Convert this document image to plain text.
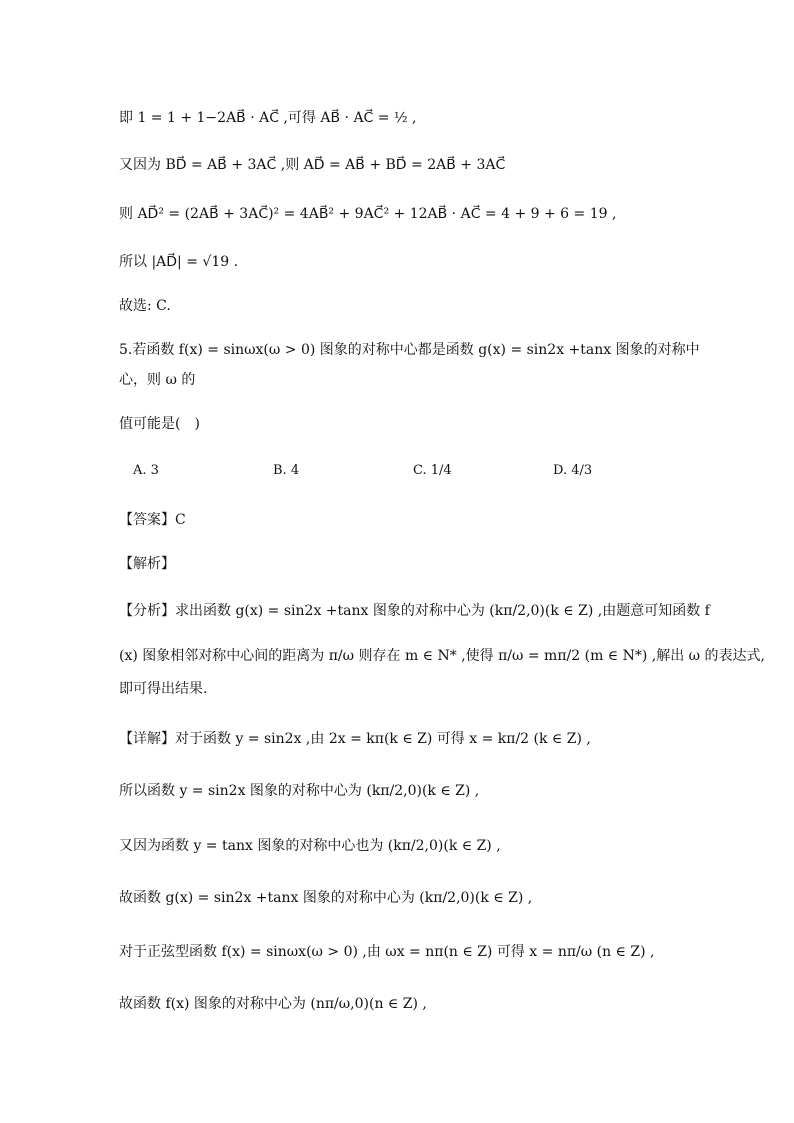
即 1 = 1 + 1−2AB⃗ · AC⃗ ,可得 AB⃗ · AC⃗ = ½ ,
又因为 BD⃗ = AB⃗ + 3AC⃗ ,则 AD⃗ = AB⃗ + BD⃗ = 2AB⃗ + 3AC⃗
则 AD⃗² = (2AB⃗ + 3AC⃗)² = 4AB⃗² + 9AC⃗² + 12AB⃗ · AC⃗ = 4 + 9 + 6 = 19 ,
所以 |AD⃗| = √19 .
故选: C.
5.若函数 f(x) = sinωx(ω > 0) 图象的对称中心都是函数 g(x) = sin2x +tanx 图象的对称中
心，则 ω 的
值可能是(　)
A. 3	B. 4	C. 1/4	D. 4/3
【答案】C
【解析】
【分析】求出函数 g(x) = sin2x +tanx 图象的对称中心为 (kπ/2,0)(k ∈ Z) ,由题意可知函数 f
(x) 图象相邻对称中心间的距离为 π/ω 则存在 m ∈ N* ,使得 π/ω = mπ/2 (m ∈ N*) ,解出 ω 的表达式,
即可得出结果.
【详解】对于函数 y = sin2x ,由 2x = kπ(k ∈ Z) 可得 x = kπ/2 (k ∈ Z) ,
所以函数 y = sin2x 图象的对称中心为 (kπ/2,0)(k ∈ Z) ,
又因为函数 y = tanx 图象的对称中心也为 (kπ/2,0)(k ∈ Z) ,
故函数 g(x) = sin2x +tanx 图象的对称中心为 (kπ/2,0)(k ∈ Z) ,
对于正弦型函数 f(x) = sinωx(ω > 0) ,由 ωx = nπ(n ∈ Z) 可得 x = nπ/ω (n ∈ Z) ,
故函数 f(x) 图象的对称中心为 (nπ/ω,0)(n ∈ Z) ,
